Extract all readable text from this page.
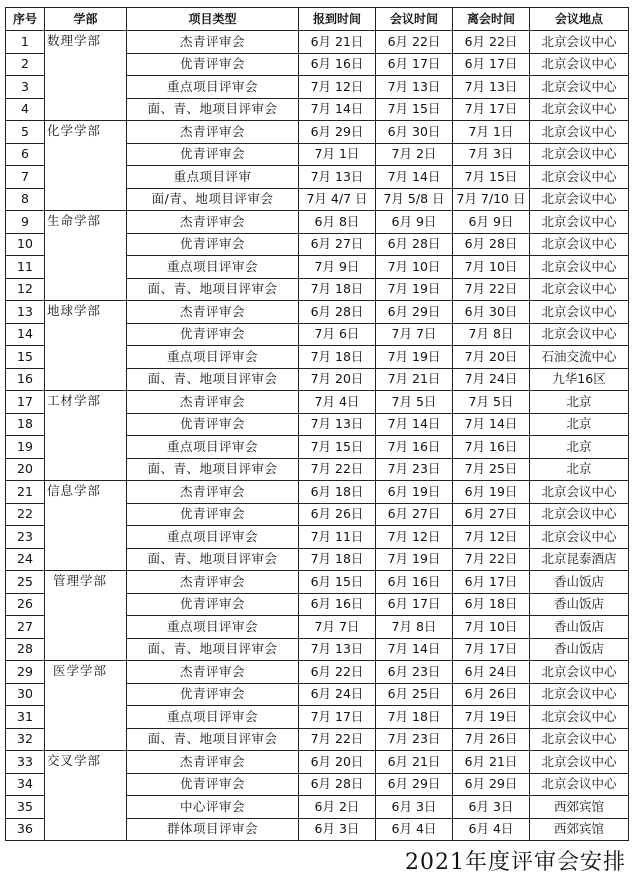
序号	学部	项目类型	报到时间	会议时间	离会时间	会议地点
1	数理学部	杰青评审会	6月 21日	6月 22日	6月 22日	北京会议中心
2		优青评审会	6月 16日	6月 17日	6月 17日	北京会议中心
3		重点项目评审会	7月 12日	7月 13日	7月 13日	北京会议中心
4		面、青、地项目评审会	7月 14日	7月 15日	7月 17日	北京会议中心
5	化学学部	杰青评审会	6月 29日	6月 30日	7月 1日	北京会议中心
6		优青评审会	7月 1日	7月 2日	7月 3日	北京会议中心
7		重点项目评审	7月 13日	7月 14日	7月 15日	北京会议中心
8		面/青、地项目评审会	7月 4/7 日	7月 5/8 日	7月 7/10 日	北京会议中心
9	生命学部	杰青评审会	6月 8日	6月 9日	6月 9日	北京会议中心
10		优青评审会	6月 27日	6月 28日	6月 28日	北京会议中心
11		重点项目评审会	7月 9日	7月 10日	7月 10日	北京会议中心
12		面、青、地项目评审会	7月 18日	7月 19日	7月 22日	北京会议中心
13	地球学部	杰青评审会	6月 28日	6月 29日	6月 30日	北京会议中心
14		优青评审会	7月 6日	7月 7日	7月 8日	北京会议中心
15		重点项目评审会	7月 18日	7月 19日	7月 20日	石油交流中心
16		面、青、地项目评审会	7月 20日	7月 21日	7月 24日	九华16区
17	工材学部	杰青评审会	7月 4日	7月 5日	7月 5日	北京
18		优青评审会	7月 13日	7月 14日	7月 14日	北京
19		重点项目评审会	7月 15日	7月 16日	7月 16日	北京
20		面、青、地项目评审会	7月 22日	7月 23日	7月 25日	北京
21	信息学部	杰青评审会	6月 18日	6月 19日	6月 19日	北京会议中心
22		优青评审会	6月 26日	6月 27日	6月 27日	北京会议中心
23		重点项目评审会	7月 11日	7月 12日	7月 12日	北京会议中心
24		面、青、地项目评审会	7月 18日	7月 19日	7月 22日	北京昆泰酒店
25	管理学部	杰青评审会	6月 15日	6月 16日	6月 17日	香山饭店
26		优青评审会	6月 16日	6月 17日	6月 18日	香山饭店
27		重点项目评审会	7月 7日	7月 8日	7月 10日	香山饭店
28		面、青、地项目评审会	7月 13日	7月 14日	7月 17日	香山饭店
29	医学学部	杰青评审会	6月 22日	6月 23日	6月 24日	北京会议中心
30		优青评审会	6月 24日	6月 25日	6月 26日	北京会议中心
31		重点项目评审会	7月 17日	7月 18日	7月 19日	北京会议中心
32		面、青、地项目评审会	7月 22日	7月 23日	7月 26日	北京会议中心
33	交叉学部	杰青评审会	6月 20日	6月 21日	6月 21日	北京会议中心
34		优青评审会	6月 28日	6月 29日	6月 29日	北京会议中心
35		中心评审会	6月 2日	6月 3日	6月 3日	西郊宾馆
36		群体项目评审会	6月 3日	6月 4日	6月 4日	西郊宾馆
2021年度评审会安排
